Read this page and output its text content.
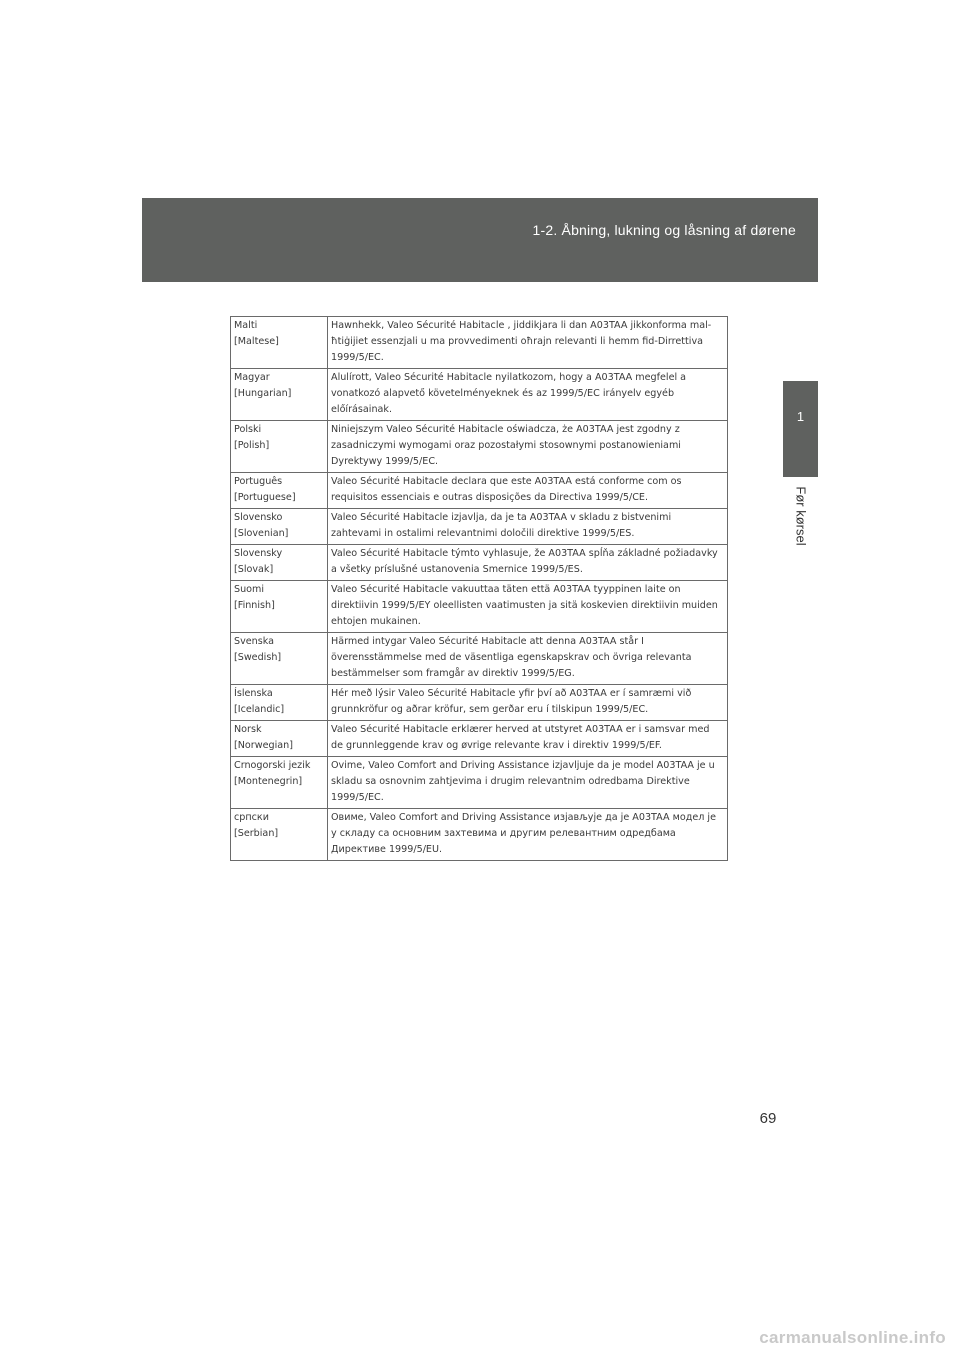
1-2. Åbning, lukning og låsning af dørene
1
Før kørsel
Malti
[Maltese]	Hawnhekk, Valeo Sécurité Habitacle , jiddikjara li dan A03TAA jikkonforma mal-ħtiġijiet essenzjali u ma provvedimenti oħrajn relevanti li hemm fid-Dirrettiva 1999/5/EC.

Magyar
[Hungarian]	Alulírott, Valeo Sécurité Habitacle nyilatkozom, hogy a A03TAA megfelel a vonatkozó alapvető követelményeknek és az 1999/5/EC irányelv egyéb előírásainak.

Polski
[Polish]	Niniejszym Valeo Sécurité Habitacle oświadcza, że A03TAA jest zgodny z zasadniczymi wymogami oraz pozostałymi stosownymi postanowieniami Dyrektywy 1999/5/EC.

Português
[Portuguese]	Valeo Sécurité Habitacle declara que este A03TAA está conforme com os requisitos essenciais e outras disposições da Directiva 1999/5/CE.

Slovensko
[Slovenian]	Valeo Sécurité Habitacle izjavlja, da je ta A03TAA v skladu z bistvenimi zahtevami in ostalimi relevantnimi določili direktive 1999/5/ES.

Slovensky
[Slovak]	Valeo Sécurité Habitacle týmto vyhlasuje, že A03TAA spĺňa základné požiadavky a všetky príslušné ustanovenia Smernice 1999/5/ES.

Suomi
[Finnish]	Valeo Sécurité Habitacle vakuuttaa täten että A03TAA tyyppinen laite on direktiivin 1999/5/EY oleellisten vaatimusten ja sitä koskevien direktiivin muiden ehtojen mukainen.

Svenska
[Swedish]	Härmed intygar Valeo Sécurité Habitacle att denna A03TAA står I överensstämmelse med de väsentliga egenskapskrav och övriga relevanta bestämmelser som framgår av direktiv 1999/5/EG.

Íslenska
[Icelandic]	Hér með lýsir Valeo Sécurité Habitacle yfir því að A03TAA er í samræmi við grunnkröfur og aðrar kröfur, sem gerðar eru í tilskipun 1999/5/EC.

Norsk
[Norwegian]	Valeo Sécurité Habitacle erklærer herved at utstyret A03TAA er i samsvar med de grunnleggende krav og øvrige relevante krav i direktiv 1999/5/EF.

Crnogorski jezik
[Montenegrin]	Ovime, Valeo Comfort and Driving Assistance izjavljuje da je model A03TAA je u skladu sa osnovnim zahtjevima i drugim relevantnim odredbama Direktive 1999/5/EC.

српски
[Serbian]	Овиме, Valeo Comfort and Driving Assistance изјављује да је A03TAA модел је у складу са основним захтевима и другим релевантним одредбама Директиве 1999/5/EU.
69
carmanualsonline.info
